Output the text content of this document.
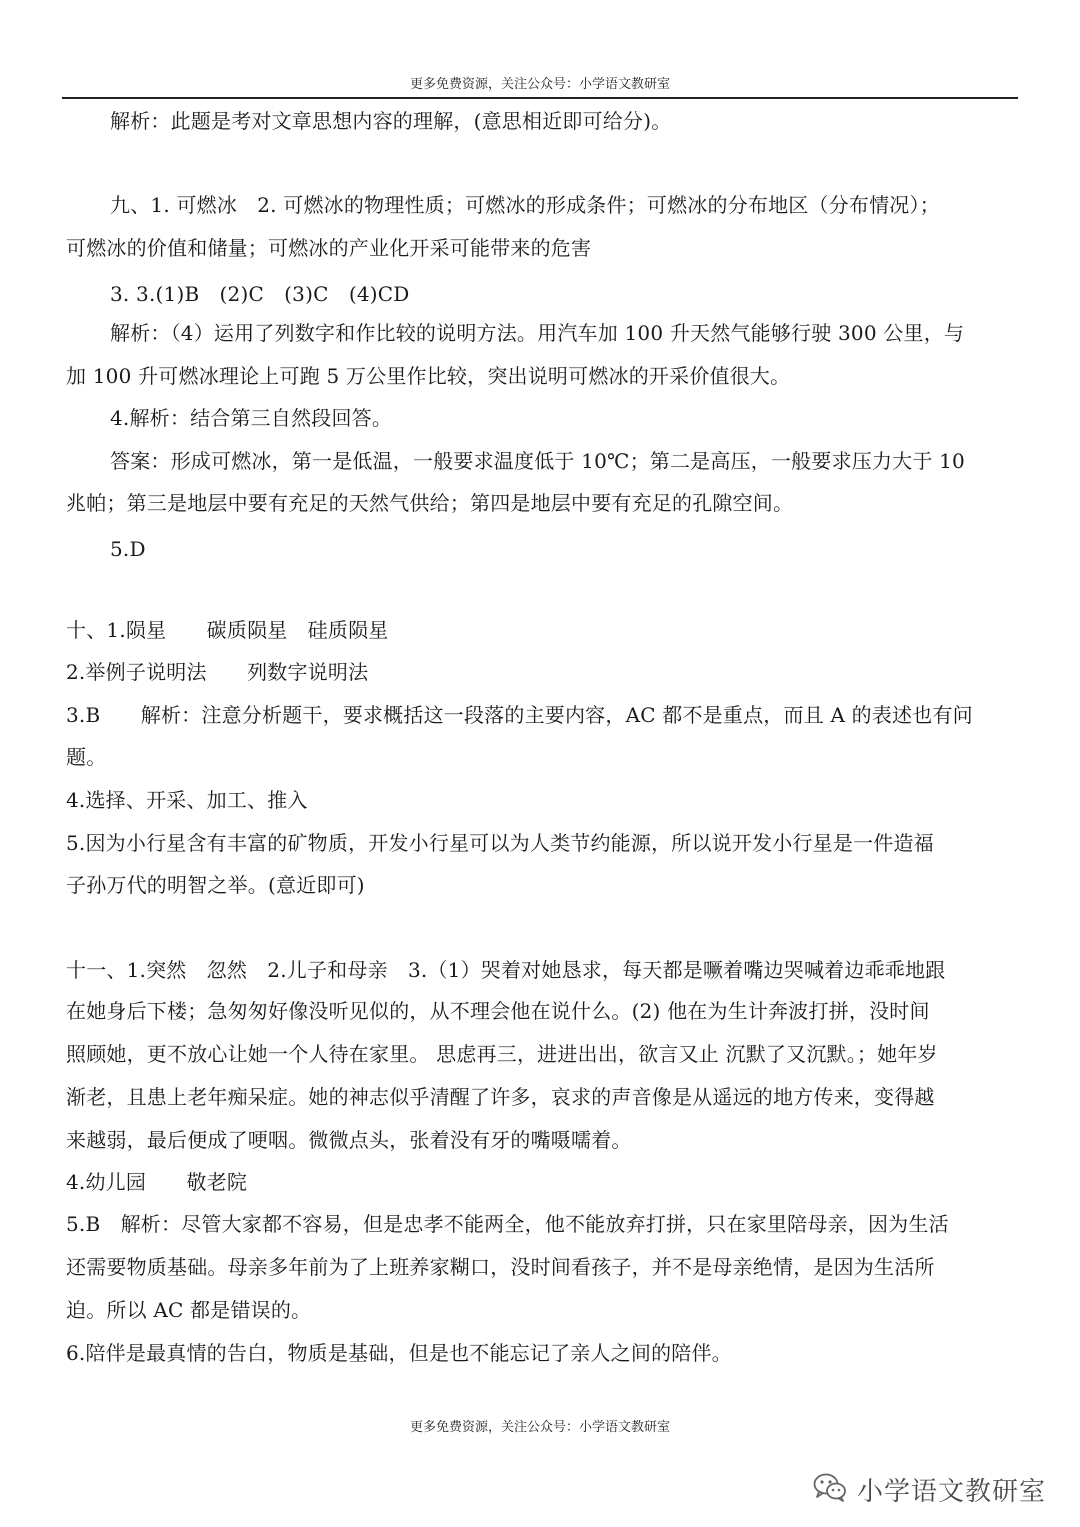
更多免费资源，关注公众号：小学语文教研室
解析：此题是考对文章思想内容的理解，(意思相近即可给分)。
九、1. 可燃冰　2. 可燃冰的物理性质；可燃冰的形成条件；可燃冰的分布地区（分布情况）；
可燃冰的价值和储量；可燃冰的产业化开采可能带来的危害
3. 3.(1)B　(2)C　(3)C　(4)CD
解析：（4）运用了列数字和作比较的说明方法。用汽车加 100 升天然气能够行驶 300 公里，与
加 100 升可燃冰理论上可跑 5 万公里作比较，突出说明可燃冰的开采价值很大。
4.解析：结合第三自然段回答。
答案：形成可燃冰，第一是低温，一般要求温度低于 10℃；第二是高压，一般要求压力大于 10
兆帕；第三是地层中要有充足的天然气供给；第四是地层中要有充足的孔隙空间。
5.D
十、1.陨星　　碳质陨星　硅质陨星
2.举例子说明法　　列数字说明法
3.B　　解析：注意分析题干，要求概括这一段落的主要内容，AC 都不是重点，而且 A 的表述也有问
题。
4.选择、开采、加工、推入
5.因为小行星含有丰富的矿物质，开发小行星可以为人类节约能源，所以说开发小行星是一件造福
子孙万代的明智之举。(意近即可)
十一、1.突然　忽然　2.儿子和母亲　3.（1）哭着对她恳求，每天都是噘着嘴边哭喊着边乖乖地跟
在她身后下楼；急匆匆好像没听见似的，从不理会他在说什么。(2) 他在为生计奔波打拼，没时间
照顾她，更不放心让她一个人待在家里。 思虑再三，进进出出，欲言又止 沉默了又沉默。；她年岁
渐老，且患上老年痴呆症。她的神志似乎清醒了许多，哀求的声音像是从遥远的地方传来，变得越
来越弱，最后便成了哽咽。微微点头，张着没有牙的嘴嗫嚅着。
4.幼儿园　　敬老院
5.B　解析：尽管大家都不容易，但是忠孝不能两全，他不能放弃打拼，只在家里陪母亲，因为生活
还需要物质基础。母亲多年前为了上班养家糊口，没时间看孩子，并不是母亲绝情，是因为生活所
迫。所以 AC 都是错误的。
6.陪伴是最真情的告白，物质是基础，但是也不能忘记了亲人之间的陪伴。
更多免费资源，关注公众号：小学语文教研室
小学语文教研室
